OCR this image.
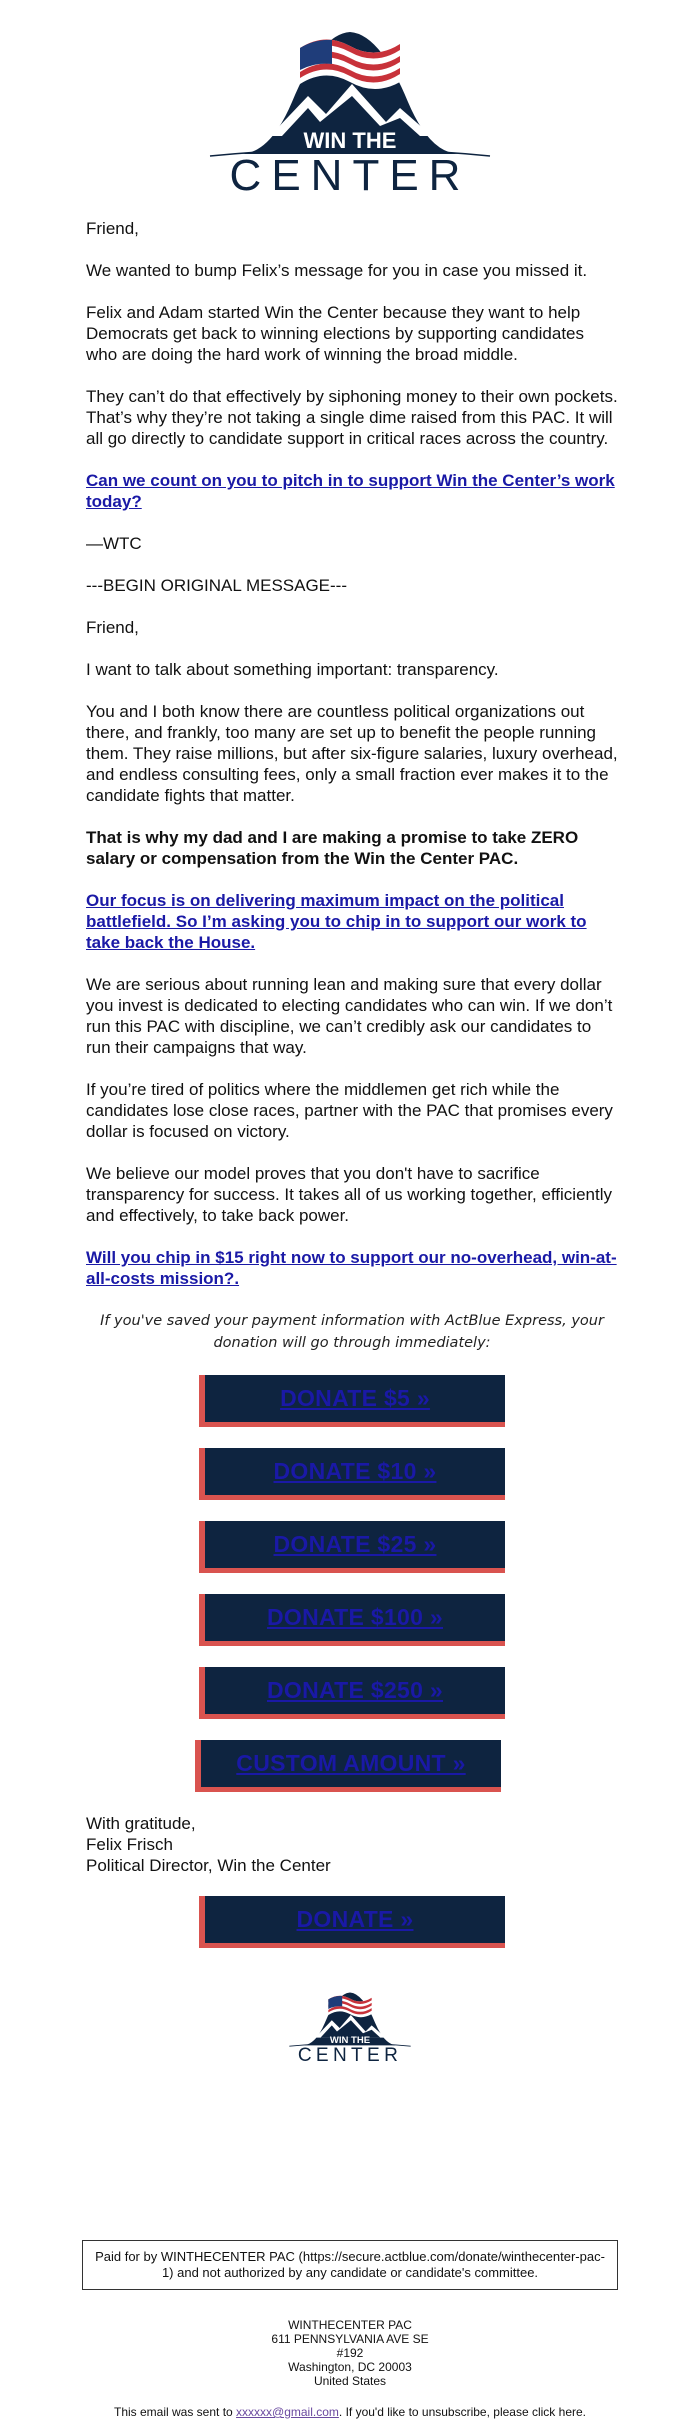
WIN THE
CENTER

Friend,

We wanted to bump Felix’s message for you in case you missed it.

Felix and Adam started Win the Center because they want to help Democrats get back to winning elections by supporting candidates who are doing the hard work of winning the broad middle.

They can’t do that effectively by siphoning money to their own pockets. That’s why they’re not taking a single dime raised from this PAC. It will all go directly to candidate support in critical races across the country.

Can we count on you to pitch in to support Win the Center’s work today?

—WTC

---BEGIN ORIGINAL MESSAGE---

Friend,

I want to talk about something important: transparency.

You and I both know there are countless political organizations out there, and frankly, too many are set up to benefit the people running them. They raise millions, but after six-figure salaries, luxury overhead, and endless consulting fees, only a small fraction ever makes it to the candidate fights that matter.

That is why my dad and I are making a promise to take ZERO salary or compensation from the Win the Center PAC.

Our focus is on delivering maximum impact on the political battlefield. So I’m asking you to chip in to support our work to take back the House.

We are serious about running lean and making sure that every dollar you invest is dedicated to electing candidates who can win. If we don’t run this PAC with discipline, we can’t credibly ask our candidates to run their campaigns that way.

If you’re tired of politics where the middlemen get rich while the candidates lose close races, partner with the PAC that promises every dollar is focused on victory.

We believe our model proves that you don't have to sacrifice transparency for success. It takes all of us working together, efficiently and effectively, to take back power.

Will you chip in $15 right now to support our no-overhead, win-at-all-costs mission?.

If you've saved your payment information with ActBlue Express, your donation will go through immediately:

DONATE $5 »
DONATE $10 »
DONATE $25 »
DONATE $100 »
DONATE $250 »
CUSTOM AMOUNT »
With gratitude,
Felix Frisch
Political Director, Win the Center
DONATE »
WIN THE
CENTER
Paid for by WINTHECENTER PAC (https://secure.actblue.com/donate/winthecenter-pac-1) and not authorized by any candidate or candidate's committee.
WINTHECENTER PAC
611 PENNSYLVANIA AVE SE
#192
Washington, DC 20003
United States
This email was sent to xxxxxx@gmail.com. If you'd like to unsubscribe, please click here.
